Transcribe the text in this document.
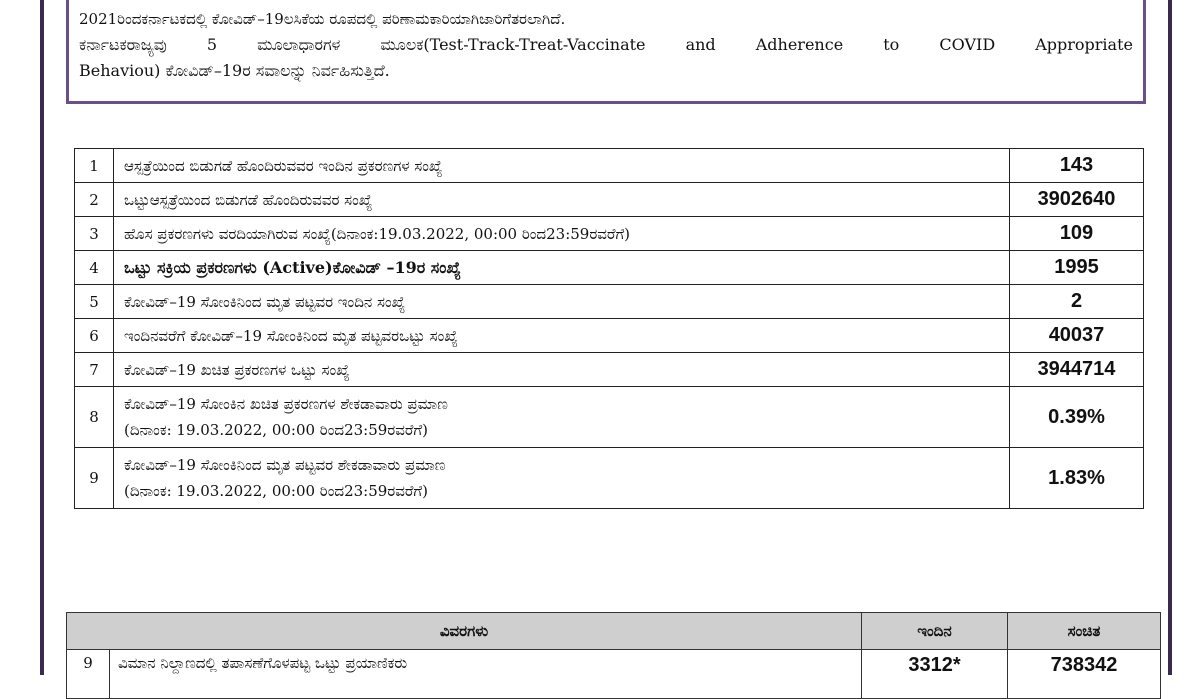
2021ರಿಂದಕರ್ನಾಟಕದಲ್ಲಿ ಕೋವಿಡ್–19ಲಸಿಕೆಯ ರೂಪದಲ್ಲಿ ಪರಿಣಾಮಕಾರಿಯಾಗಿಜಾರಿಗೆತರಲಾಗಿದೆ.

ಕರ್ನಾಟಕರಾಜ್ಯವು 5 ಮೂಲಾಧಾರಗಳ ಮೂಲಕ(Test-Track-Treat-Vaccinate and Adherence to COVID Appropriate

Behaviou) ಕೋವಿಡ್–19ರ ಸವಾಲನ್ನು ನಿರ್ವಹಿಸುತ್ತಿದೆ.

1	ಆಸ್ಪತ್ರೆಯಿಂದ ಬಿಡುಗಡೆ ಹೊಂದಿರುವವರ ಇಂದಿನ ಪ್ರಕರಣಗಳ ಸಂಖ್ಯೆ	143
2	ಒಟ್ಟುಆಸ್ಪತ್ರೆಯಿಂದ ಬಿಡುಗಡೆ ಹೊಂದಿರುವವರ ಸಂಖ್ಯೆ	3902640
3	ಹೊಸ ಪ್ರಕರಣಗಳು ವರದಿಯಾಗಿರುವ ಸಂಖ್ಯೆ(ದಿನಾಂಕ:19.03.2022, 00:00 ರಿಂದ23:59ರವರೆಗೆ)	109
4	ಒಟ್ಟು ಸಕ್ರಿಯ ಪ್ರಕರಣಗಳು (Active)ಕೋವಿಡ್ –19ರ ಸಂಖ್ಯೆ	1995
5	ಕೋವಿಡ್–19 ಸೋಂಕಿನಿಂದ ಮೃತ ಪಟ್ಟವರ ಇಂದಿನ ಸಂಖ್ಯೆ	2
6	ಇಂದಿನವರೆಗೆ ಕೋವಿಡ್–19 ಸೋಂಕಿನಿಂದ ಮೃತ ಪಟ್ಟವರಒಟ್ಟು ಸಂಖ್ಯೆ	40037
7	ಕೋವಿಡ್–19 ಖಚಿತ ಪ್ರಕರಣಗಳ ಒಟ್ಟು ಸಂಖ್ಯೆ	3944714
8	ಕೋವಿಡ್–19 ಸೋಂಕಿನ ಖಚಿತ ಪ್ರಕರಣಗಳ ಶೇಕಡಾವಾರು ಪ್ರಮಾಣ
(ದಿನಾಂಕ: 19.03.2022, 00:00 ರಿಂದ23:59ರವರೆಗೆ)	0.39%
9	ಕೋವಿಡ್–19 ಸೋಂಕಿನಿಂದ ಮೃತ ಪಟ್ಟವರ ಶೇಕಡಾವಾರು ಪ್ರಮಾಣ
(ದಿನಾಂಕ: 19.03.2022, 00:00 ರಿಂದ23:59ರವರೆಗೆ)	1.83%
ವಿವರಗಳು		ಇಂದಿನ	ಸಂಚಿತ
9	ವಿಮಾನ ನಿಲ್ದಾಣದಲ್ಲಿ ತಪಾಸಣೆಗೊಳಪಟ್ಟ ಒಟ್ಟು ಪ್ರಯಾಣಿಕರು	3312*	738342
